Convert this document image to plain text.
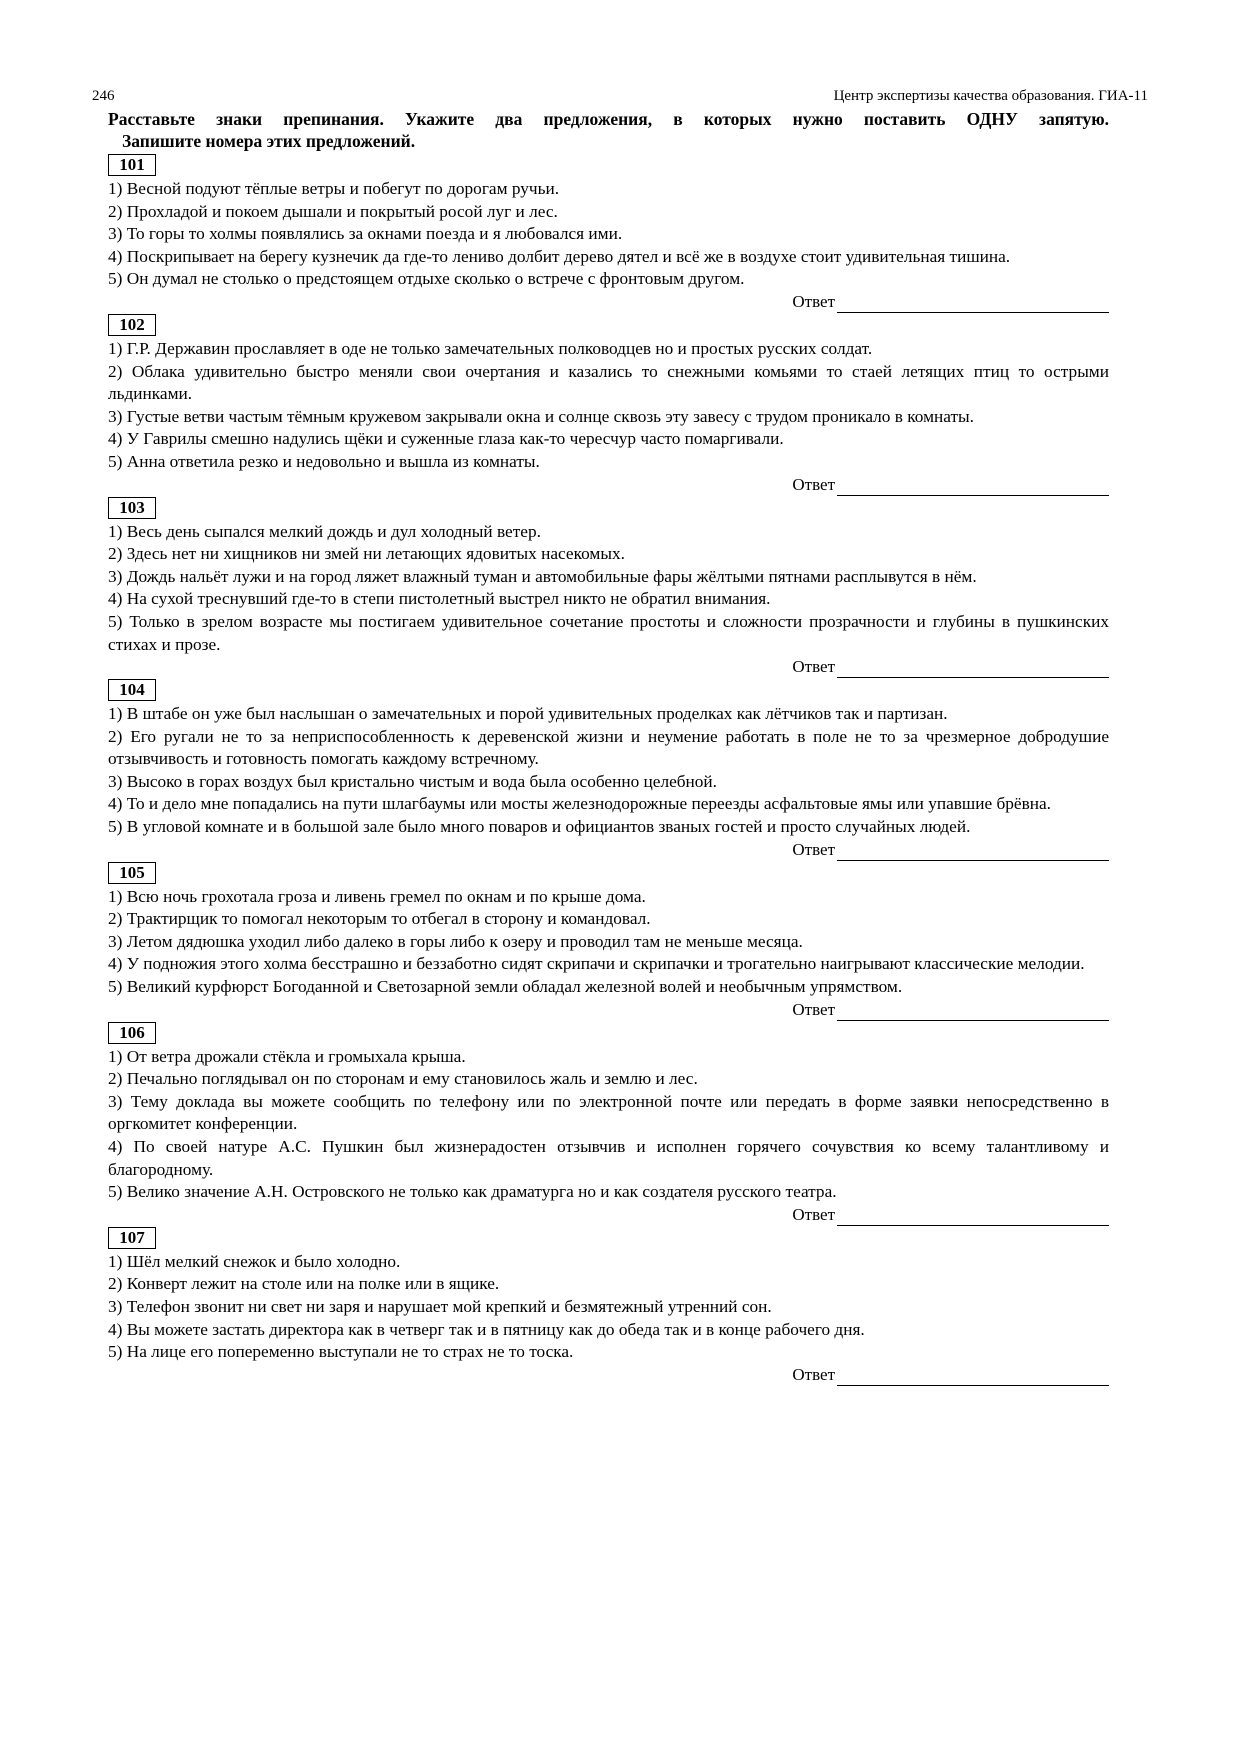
246	Центр экспертизы качества образования. ГИА-11
Расставьте знаки препинания. Укажите два предложения, в которых нужно поставить ОДНУ запятую.
Запишите номера этих предложений.
101
1) Весной подуют тёплые ветры и побегут по дорогам ручьи.
2) Прохладой и покоем дышали и покрытый росой луг и лес.
3) То горы то холмы появлялись за окнами поезда и я любовался ими.
4) Поскрипывает на берегу кузнечик да где-то лениво долбит дерево дятел и всё же в воздухе стоит удивительная тишина.
5) Он думал не столько о предстоящем отдыхе сколько о встрече с фронтовым другом.
Ответ
102
1) Г.Р. Державин прославляет в оде не только замечательных полководцев но и простых русских солдат.
2) Облака удивительно быстро меняли свои очертания и казались то снежными комьями то стаей летящих птиц то острыми льдинками.
3) Густые ветви частым тёмным кружевом закрывали окна и солнце сквозь эту завесу с трудом проникало в комнаты.
4) У Гаврилы смешно надулись щёки и суженные глаза как-то чересчур часто помаргивали.
5) Анна ответила резко и недовольно и вышла из комнаты.
Ответ
103
1) Весь день сыпался мелкий дождь и дул холодный ветер.
2) Здесь нет ни хищников ни змей ни летающих ядовитых насекомых.
3) Дождь нальёт лужи и на город ляжет влажный туман и автомобильные фары жёлтыми пятнами расплывутся в нём.
4) На сухой треснувший где-то в степи пистолетный выстрел никто не обратил внимания.
5) Только в зрелом возрасте мы постигаем удивительное сочетание простоты и сложности прозрачности и глубины в пушкинских стихах и прозе.
Ответ
104
1) В штабе он уже был наслышан о замечательных и порой удивительных проделках как лётчиков так и партизан.
2) Его ругали не то за неприспособленность к деревенской жизни и неумение работать в поле не то за чрезмерное добродушие отзывчивость и готовность помогать каждому встречному.
3) Высоко в горах воздух был кристально чистым и вода была особенно целебной.
4) То и дело мне попадались на пути шлагбаумы или мосты железнодорожные переезды асфальтовые ямы или упавшие брёвна.
5) В угловой комнате и в большой зале было много поваров и официантов званых гостей и просто случайных людей.
Ответ
105
1) Всю ночь грохотала гроза и ливень гремел по окнам и по крыше дома.
2) Трактирщик то помогал некоторым то отбегал в сторону и командовал.
3) Летом дядюшка уходил либо далеко в горы либо к озеру и проводил там не меньше месяца.
4) У подножия этого холма бесстрашно и беззаботно сидят скрипачи и скрипачки и трогательно наигрывают классические мелодии.
5) Великий курфюрст Богоданной и Светозарной земли обладал железной волей и необычным упрямством.
Ответ
106
1) От ветра дрожали стёкла и громыхала крыша.
2) Печально поглядывал он по сторонам и ему становилось жаль и землю и лес.
3) Тему доклада вы можете сообщить по телефону или по электронной почте или передать в форме заявки непосредственно в оргкомитет конференции.
4) По своей натуре А.С. Пушкин был жизнерадостен отзывчив и исполнен горячего сочувствия ко всему талантливому и благородному.
5) Велико значение А.Н. Островского не только как драматурга но и как создателя русского театра.
Ответ
107
1) Шёл мелкий снежок и было холодно.
2) Конверт лежит на столе или на полке или в ящике.
3) Телефон звонит ни свет ни заря и нарушает мой крепкий и безмятежный утренний сон.
4) Вы можете застать директора как в четверг так и в пятницу как до обеда так и в конце рабочего дня.
5) На лице его попеременно выступали не то страх не то тоска.
Ответ
